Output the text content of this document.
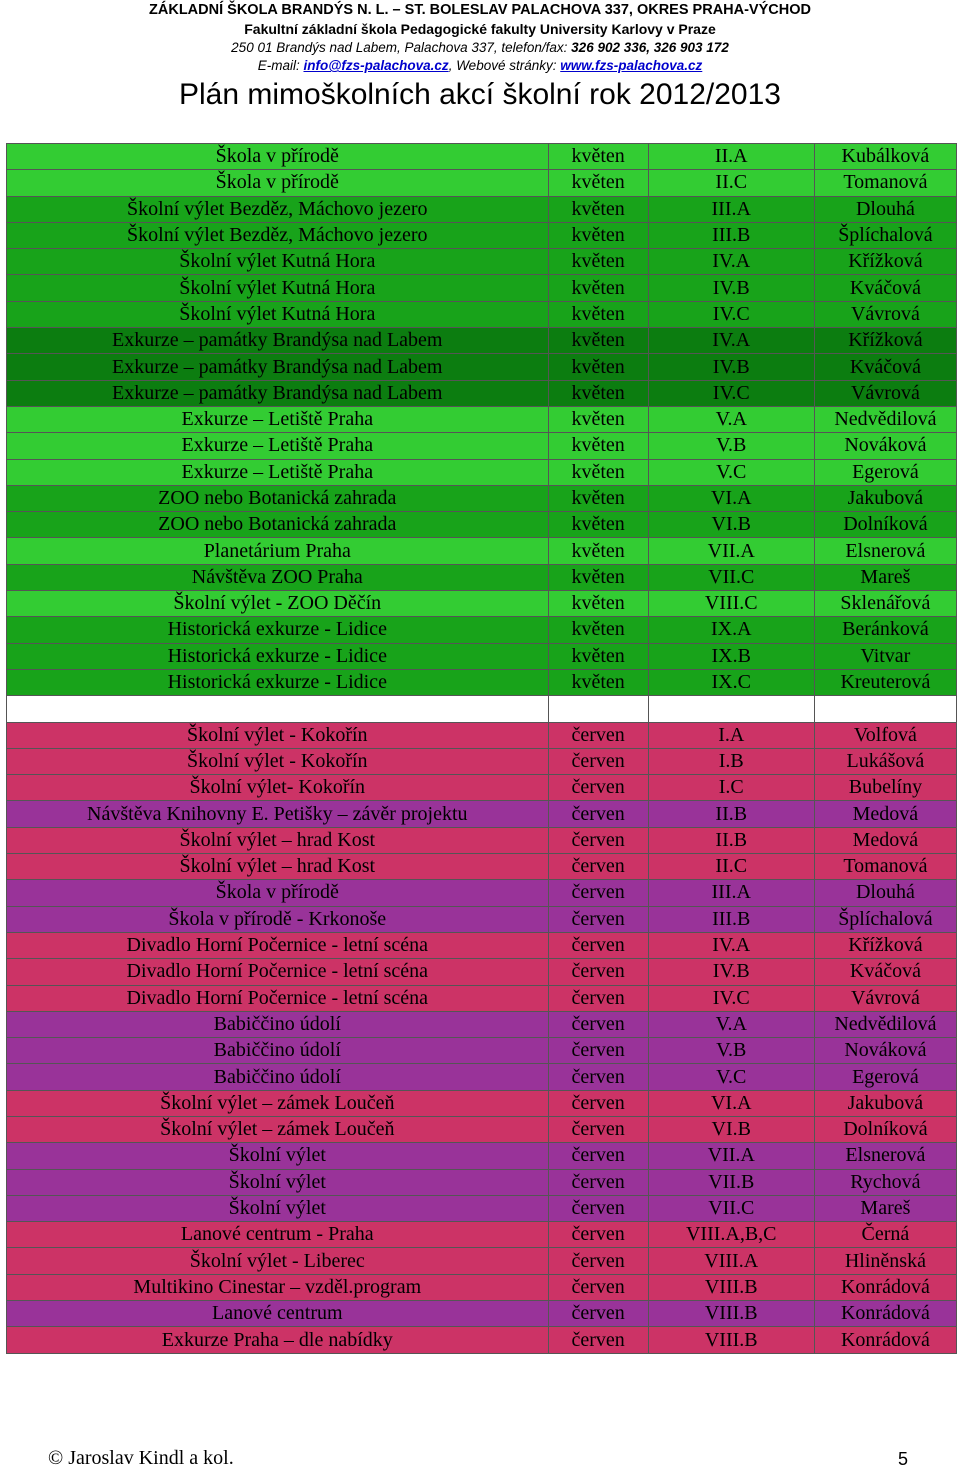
ZÁKLADNÍ ŠKOLA BRANDÝS N. L. – ST. BOLESLAV PALACHOVA 337, OKRES PRAHA-VÝCHOD
Fakultní základní škola Pedagogické fakulty University Karlovy v Praze
250 01 Brandýs nad Labem, Palachova 337, telefon/fax: 326 902 336, 326 903 172
E-mail: info@fzs-palachova.cz, Webové stránky: www.fzs-palachova.cz
Plán mimoškolních akcí školní rok 2012/2013
Škola v přírodě	květen	II.A	Kubálková
Škola v přírodě	květen	II.C	Tomanová
Školní výlet Bezděz, Máchovo jezero	květen	III.A	Dlouhá
Školní výlet Bezděz, Máchovo jezero	květen	III.B	Šplíchalová
Školní výlet Kutná Hora	květen	IV.A	Křížková
Školní výlet Kutná Hora	květen	IV.B	Kváčová
Školní výlet Kutná Hora	květen	IV.C	Vávrová
Exkurze – památky Brandýsa nad Labem	květen	IV.A	Křížková
Exkurze – památky Brandýsa nad Labem	květen	IV.B	Kváčová
Exkurze – památky Brandýsa nad Labem	květen	IV.C	Vávrová
Exkurze – Letiště Praha	květen	V.A	Nedvědilová
Exkurze – Letiště Praha	květen	V.B	Nováková
Exkurze – Letiště Praha	květen	V.C	Egerová
ZOO nebo Botanická zahrada	květen	VI.A	Jakubová
ZOO nebo Botanická zahrada	květen	VI.B	Dolníková
Planetárium Praha	květen	VII.A	Elsnerová
Návštěva ZOO Praha	květen	VII.C	Mareš
Školní výlet - ZOO Děčín	květen	VIII.C	Sklenářová
Historická exkurze - Lidice	květen	IX.A	Beránková
Historická exkurze - Lidice	květen	IX.B	Vitvar
Historická exkurze - Lidice	květen	IX.C	Kreuterová

Školní výlet - Kokořín	červen	I.A	Volfová
Školní výlet - Kokořín	červen	I.B	Lukášová
Školní výlet- Kokořín	červen	I.C	Bubelíny
Návštěva Knihovny E. Petišky – závěr projektu	červen	II.B	Medová
Školní výlet – hrad Kost	červen	II.B	Medová
Školní výlet – hrad Kost	červen	II.C	Tomanová
Škola v přírodě	červen	III.A	Dlouhá
Škola v přírodě - Krkonoše	červen	III.B	Šplíchalová
Divadlo Horní Počernice - letní scéna	červen	IV.A	Křížková
Divadlo Horní Počernice - letní scéna	červen	IV.B	Kváčová
Divadlo Horní Počernice - letní scéna	červen	IV.C	Vávrová
Babiččino údolí	červen	V.A	Nedvědilová
Babiččino údolí	červen	V.B	Nováková
Babiččino údolí	červen	V.C	Egerová
Školní výlet – zámek Loučeň	červen	VI.A	Jakubová
Školní výlet – zámek Loučeň	červen	VI.B	Dolníková
Školní výlet	červen	VII.A	Elsnerová
Školní výlet	červen	VII.B	Rychová
Školní výlet	červen	VII.C	Mareš
Lanové centrum - Praha	červen	VIII.A,B,C	Černá
Školní výlet - Liberec	červen	VIII.A	Hliněnská
Multikino Cinestar – vzděl.program	červen	VIII.B	Konrádová
Lanové centrum	červen	VIII.B	Konrádová
Exkurze Praha – dle nabídky	červen	VIII.B	Konrádová
© Jaroslav Kindl a kol.	5
